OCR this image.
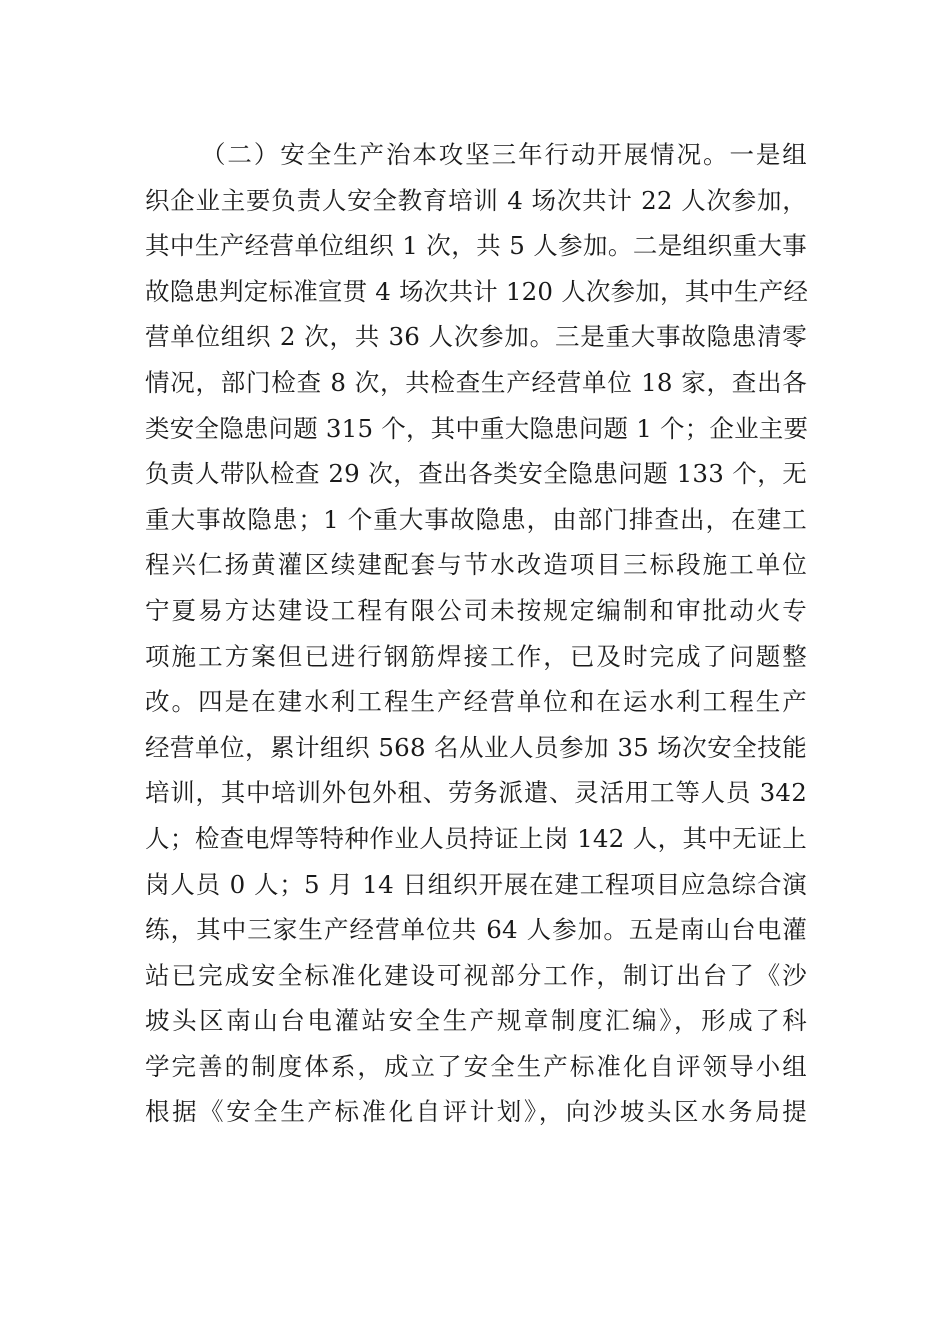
（二）安全生产治本攻坚三年行动开展情况。一是组
织企业主要负责人安全教育培训 4 场次共计 22 人次参加，
其中生产经营单位组织 1 次，共 5 人参加。二是组织重大事
故隐患判定标准宣贯 4 场次共计 120 人次参加，其中生产经
营单位组织 2 次，共 36 人次参加。三是重大事故隐患清零
情况，部门检查 8 次，共检查生产经营单位 18 家，查出各
类安全隐患问题 315 个，其中重大隐患问题 1 个；企业主要
负责人带队检查 29 次，查出各类安全隐患问题 133 个，无
重大事故隐患；1 个重大事故隐患，由部门排查出，在建工
程兴仁扬黄灌区续建配套与节水改造项目三标段施工单位
宁夏易方达建设工程有限公司未按规定编制和审批动火专
项施工方案但已进行钢筋焊接工作，已及时完成了问题整
改。四是在建水利工程生产经营单位和在运水利工程生产
经营单位，累计组织 568 名从业人员参加 35 场次安全技能
培训，其中培训外包外租、劳务派遣、灵活用工等人员 342
人；检查电焊等特种作业人员持证上岗 142 人，其中无证上
岗人员 0 人；5 月 14 日组织开展在建工程项目应急综合演
练，其中三家生产经营单位共 64 人参加。五是南山台电灌
站已完成安全标准化建设可视部分工作，制订出台了《沙
坡头区南山台电灌站安全生产规章制度汇编》，形成了科
学完善的制度体系，成立了安全生产标准化自评领导小组
根据《安全生产标准化自评计划》，向沙坡头区水务局提
